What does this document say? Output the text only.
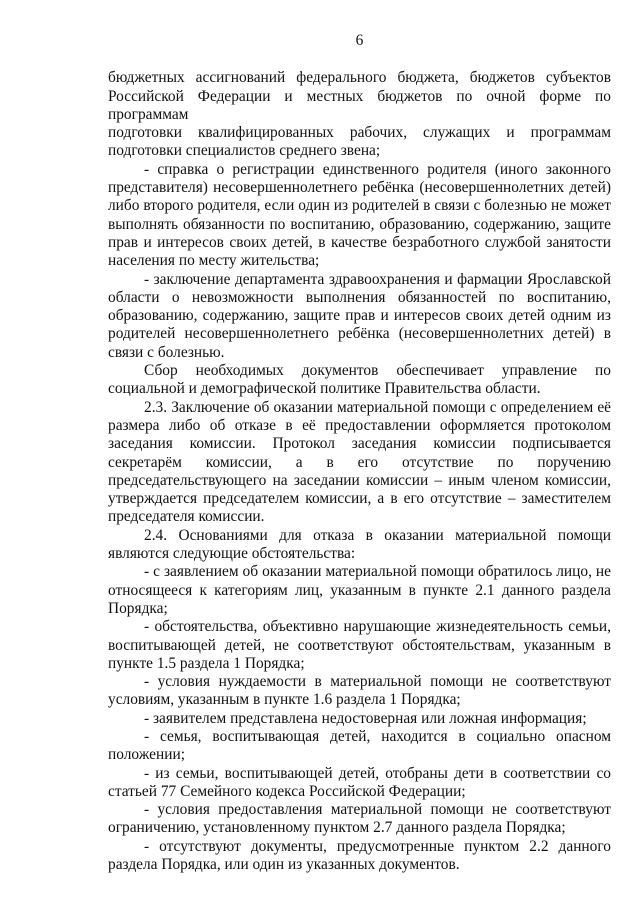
6
бюджетных ассигнований федерального бюджета, бюджетов субъектов
Российской Федерации и местных бюджетов по очной форме по программам
подготовки квалифицированных рабочих, служащих и программам
подготовки специалистов среднего звена;
- справка о регистрации единственного родителя (иного законного
представителя) несовершеннолетнего ребёнка (несовершеннолетних детей)
либо второго родителя, если один из родителей в связи с болезнью не может
выполнять обязанности по воспитанию, образованию, содержанию, защите
прав и интересов своих детей, в качестве безработного службой занятости
населения по месту жительства;
- заключение департамента здравоохранения и фармации Ярославской
области о невозможности выполнения обязанностей по воспитанию,
образованию, содержанию, защите прав и интересов своих детей одним из
родителей несовершеннолетнего ребёнка (несовершеннолетних детей) в
связи с болезнью.
Сбор необходимых документов обеспечивает управление по
социальной и демографической политике Правительства области.
2.3. Заключение об оказании материальной помощи с определением её
размера либо об отказе в её предоставлении оформляется протоколом
заседания комиссии. Протокол заседания комиссии подписывается
секретарём комиссии, а в его отсутствие по поручению
председательствующего на заседании комиссии – иным членом комиссии,
утверждается председателем комиссии, а в его отсутствие – заместителем
председателя комиссии.
2.4. Основаниями для отказа в оказании материальной помощи
являются следующие обстоятельства:
- с заявлением об оказании материальной помощи обратилось лицо, не
относящееся к категориям лиц, указанным в пункте 2.1 данного раздела
Порядка;
- обстоятельства, объективно нарушающие жизнедеятельность семьи,
воспитывающей детей, не соответствуют обстоятельствам, указанным в
пункте 1.5 раздела 1 Порядка;
- условия нуждаемости в материальной помощи не соответствуют
условиям, указанным в пункте 1.6 раздела 1 Порядка;
- заявителем представлена недостоверная или ложная информация;
- семья, воспитывающая детей, находится в социально опасном
положении;
- из семьи, воспитывающей детей, отобраны дети в соответствии со
статьей 77 Семейного кодекса Российской Федерации;
- условия предоставления материальной помощи не соответствуют
ограничению, установленному пунктом 2.7 данного раздела Порядка;
- отсутствуют документы, предусмотренные пунктом 2.2 данного
раздела Порядка, или один из указанных документов.
